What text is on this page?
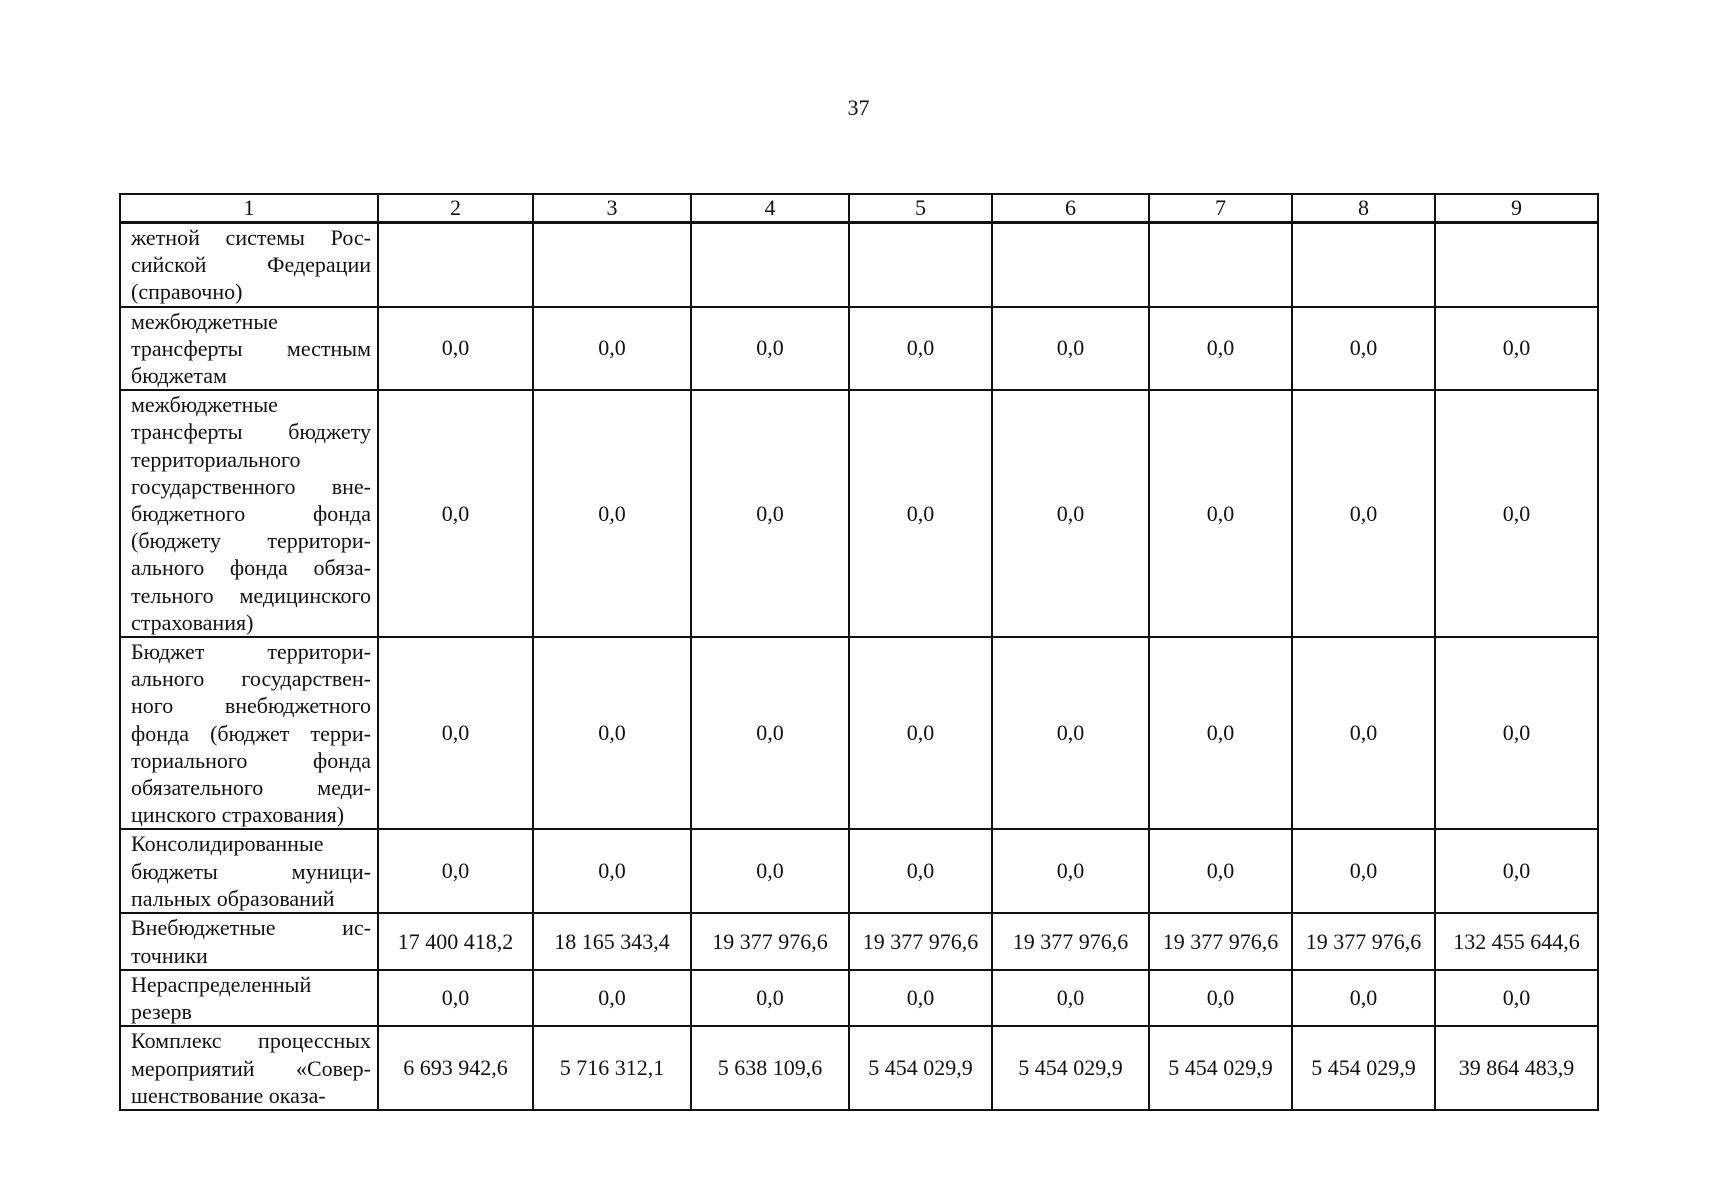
37
1	2	3	4	5	6	7	8	9
жетной системы Российской Федерации (справочно)								
межбюджетные трансферты местным бюджетам	0,0	0,0	0,0	0,0	0,0	0,0	0,0	0,0
межбюджетные трансферты бюджету территориального государственного внебюджетного фонда (бюджету территориального фонда обязательного медицинского страхования)	0,0	0,0	0,0	0,0	0,0	0,0	0,0	0,0
Бюджет территориального государственного внебюджетного фонда (бюджет территориального фонда обязательного медицинского страхования)	0,0	0,0	0,0	0,0	0,0	0,0	0,0	0,0
Консолидированные бюджеты муниципальных образований	0,0	0,0	0,0	0,0	0,0	0,0	0,0	0,0
Внебюджетные источники	17 400 418,2	18 165 343,4	19 377 976,6	19 377 976,6	19 377 976,6	19 377 976,6	19 377 976,6	132 455 644,6
Нераспределенный резерв	0,0	0,0	0,0	0,0	0,0	0,0	0,0	0,0
Комплекс процессных мероприятий «Совершенствование оказа-	6 693 942,6	5 716 312,1	5 638 109,6	5 454 029,9	5 454 029,9	5 454 029,9	5 454 029,9	39 864 483,9
